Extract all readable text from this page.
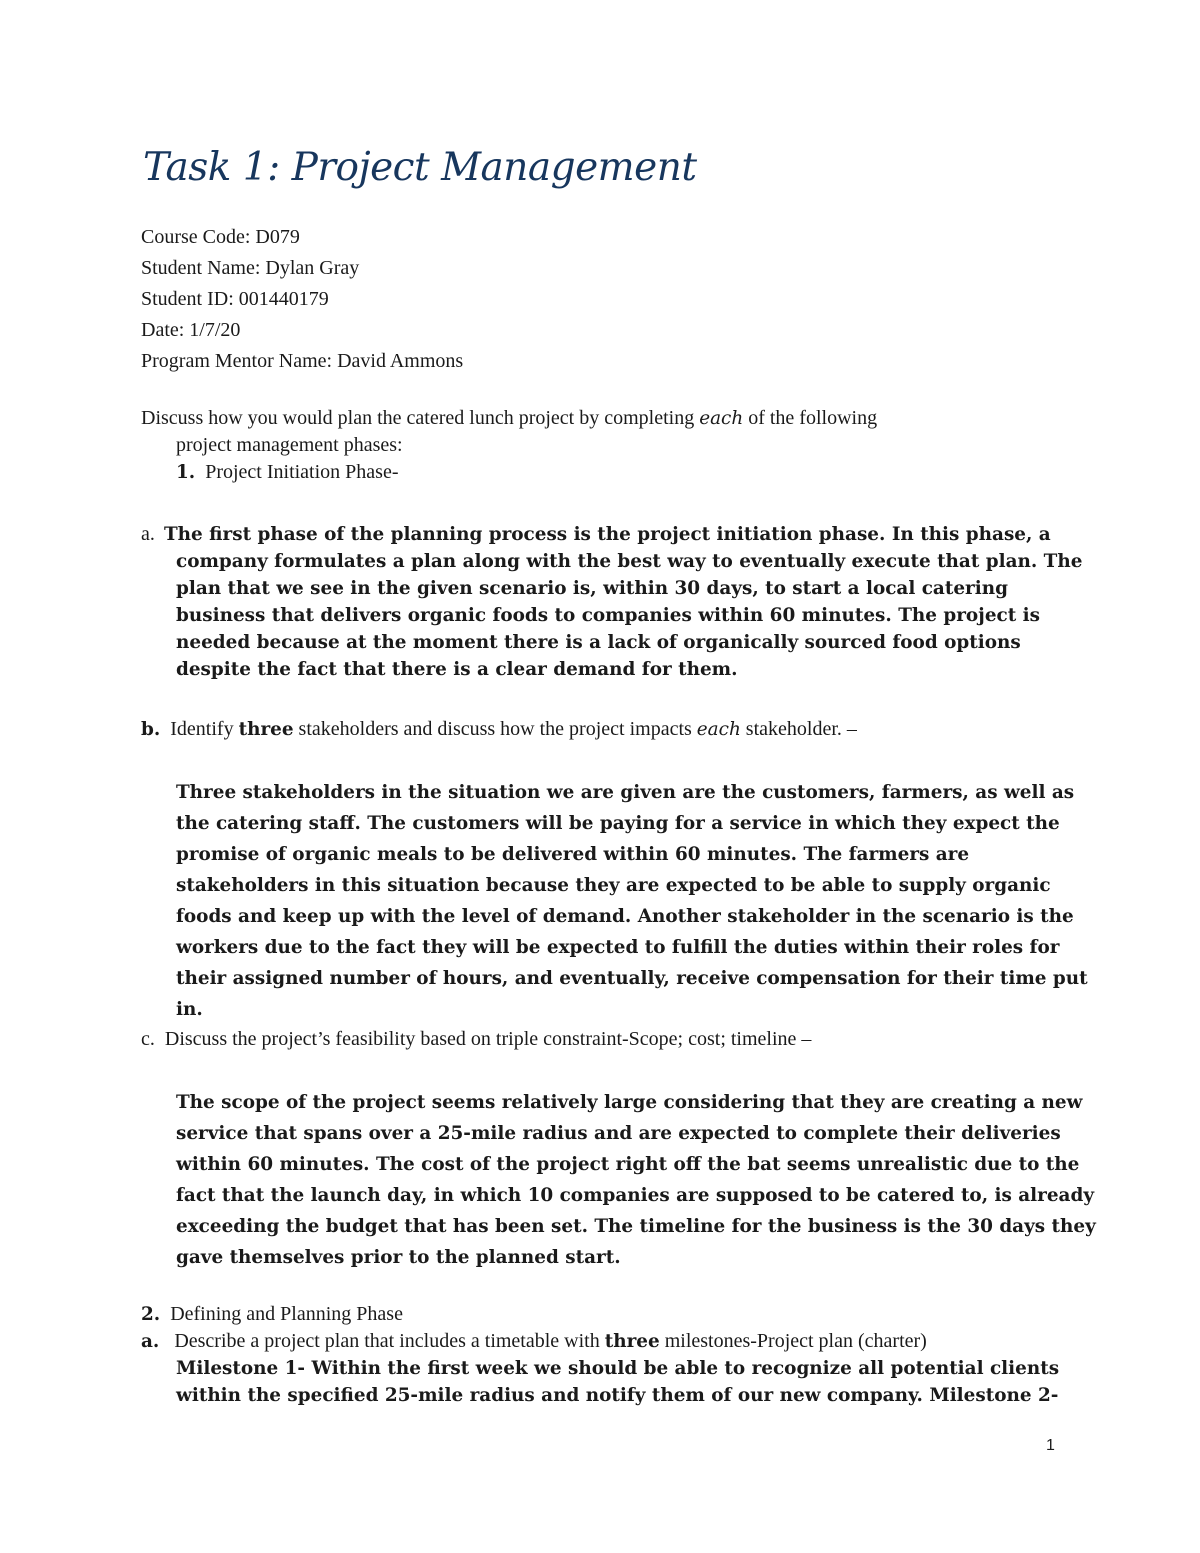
Task 1: Project Management
Course Code: D079
Student Name: Dylan Gray
Student ID: 001440179
Date: 1/7/20
Program Mentor Name: David Ammons
Discuss how you would plan the catered lunch project by completing each of the following
project management phases:
1. Project Initiation Phase-
a. The first phase of the planning process is the project initiation phase. In this phase, a
company formulates a plan along with the best way to eventually execute that plan. The
plan that we see in the given scenario is, within 30 days, to start a local catering
business that delivers organic foods to companies within 60 minutes. The project is
needed because at the moment there is a lack of organically sourced food options
despite the fact that there is a clear demand for them.
b. Identify three stakeholders and discuss how the project impacts each stakeholder. –
Three stakeholders in the situation we are given are the customers, farmers, as well as
the catering staff. The customers will be paying for a service in which they expect the
promise of organic meals to be delivered within 60 minutes. The farmers are
stakeholders in this situation because they are expected to be able to supply organic
foods and keep up with the level of demand. Another stakeholder in the scenario is the
workers due to the fact they will be expected to fulfill the duties within their roles for
their assigned number of hours, and eventually, receive compensation for their time put
in.
c. Discuss the project’s feasibility based on triple constraint-Scope; cost; timeline –
The scope of the project seems relatively large considering that they are creating a new
service that spans over a 25-mile radius and are expected to complete their deliveries
within 60 minutes. The cost of the project right off the bat seems unrealistic due to the
fact that the launch day, in which 10 companies are supposed to be catered to, is already
exceeding the budget that has been set. The timeline for the business is the 30 days they
gave themselves prior to the planned start.
2. Defining and Planning Phase
a. Describe a project plan that includes a timetable with three milestones-Project plan (charter)
Milestone 1- Within the first week we should be able to recognize all potential clients
within the specified 25-mile radius and notify them of our new company. Milestone 2-
1
